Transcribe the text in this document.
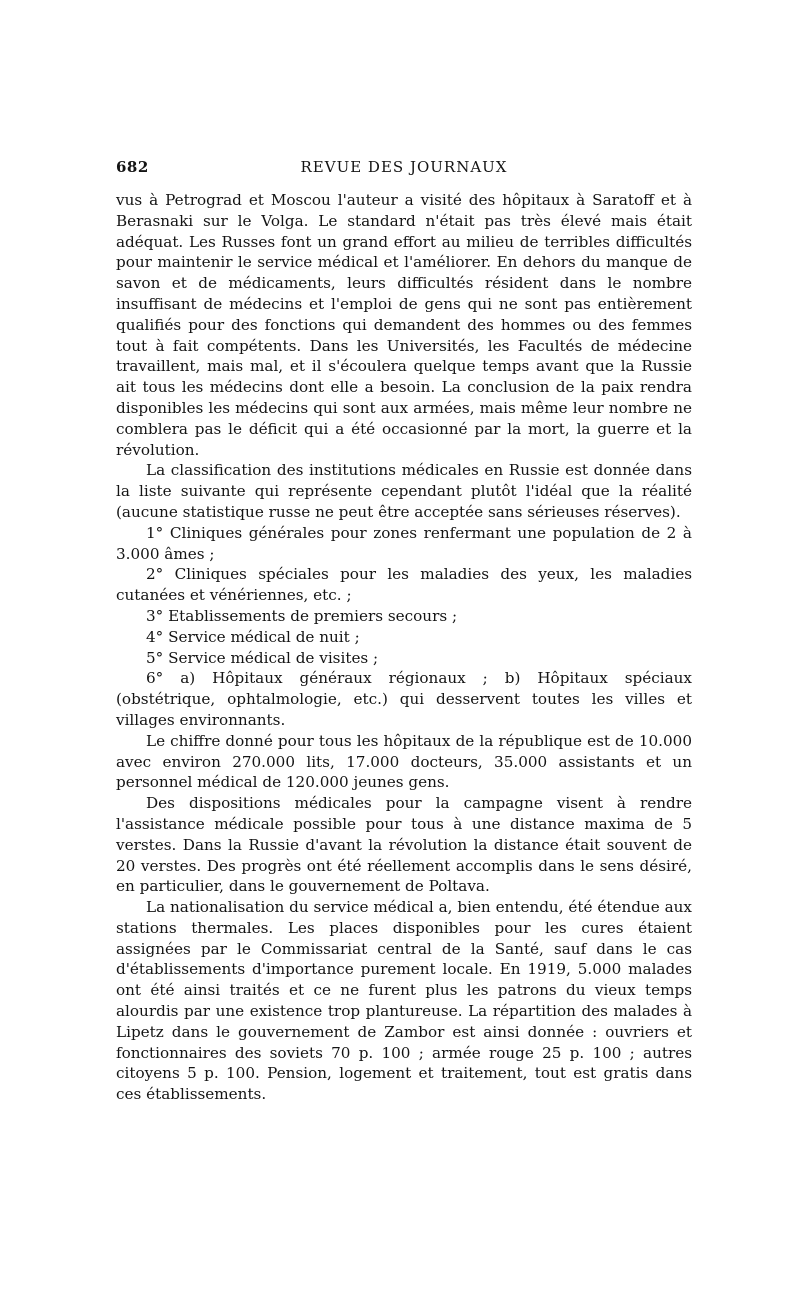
682	REVUE DES JOURNAUX

vus à Petrograd et Moscou l'auteur a visité des hôpitaux à Saratoff et à Berasnaki sur le Volga. Le standard n'était pas très élevé mais était adéquat. Les Russes font un grand effort au milieu de terribles difficultés pour maintenir le service médical et l'améliorer. En dehors du manque de savon et de médicaments, leurs difficultés résident dans le nombre insuffisant de médecins et l'emploi de gens qui ne sont pas entièrement qualifiés pour des fonctions qui demandent des hommes ou des femmes tout à fait compétents. Dans les Universités, les Facultés de médecine travaillent, mais mal, et il s'écoulera quelque temps avant que la Russie ait tous les médecins dont elle a besoin. La conclusion de la paix rendra disponibles les médecins qui sont aux armées, mais même leur nombre ne comblera pas le déficit qui a été occasionné par la mort, la guerre et la révolution.

La classification des institutions médicales en Russie est donnée dans la liste suivante qui représente cependant plutôt l'idéal que la réalité (aucune statistique russe ne peut être acceptée sans sérieuses réserves).

1° Cliniques générales pour zones renfermant une population de 2 à 3.000 âmes ;

2° Cliniques spéciales pour les maladies des yeux, les maladies cutanées et vénériennes, etc. ;

3° Etablissements de premiers secours ;

4° Service médical de nuit ;

5° Service médical de visites ;

6° a) Hôpitaux généraux régionaux ; b) Hôpitaux spéciaux (obstétrique, ophtalmologie, etc.) qui desservent toutes les villes et villages environnants.

Le chiffre donné pour tous les hôpitaux de la république est de 10.000 avec environ 270.000 lits, 17.000 docteurs, 35.000 assistants et un personnel médical de 120.000 jeunes gens.

Des dispositions médicales pour la campagne visent à rendre l'assistance médicale possible pour tous à une distance maxima de 5 verstes. Dans la Russie d'avant la révolution la distance était souvent de 20 verstes. Des progrès ont été réellement accomplis dans le sens désiré, en particulier, dans le gouvernement de Poltava.

La nationalisation du service médical a, bien entendu, été étendue aux stations thermales. Les places disponibles pour les cures étaient assignées par le Commissariat central de la Santé, sauf dans le cas d'établissements d'importance purement locale. En 1919, 5.000 malades ont été ainsi traités et ce ne furent plus les patrons du vieux temps alourdis par une existence trop plantureuse. La répartition des malades à Lipetz dans le gouvernement de Zambor est ainsi donnée : ouvriers et fonctionnaires des soviets 70 p. 100 ; armée rouge 25 p. 100 ; autres citoyens 5 p. 100. Pension, logement et traitement, tout est gratis dans ces établissements.
